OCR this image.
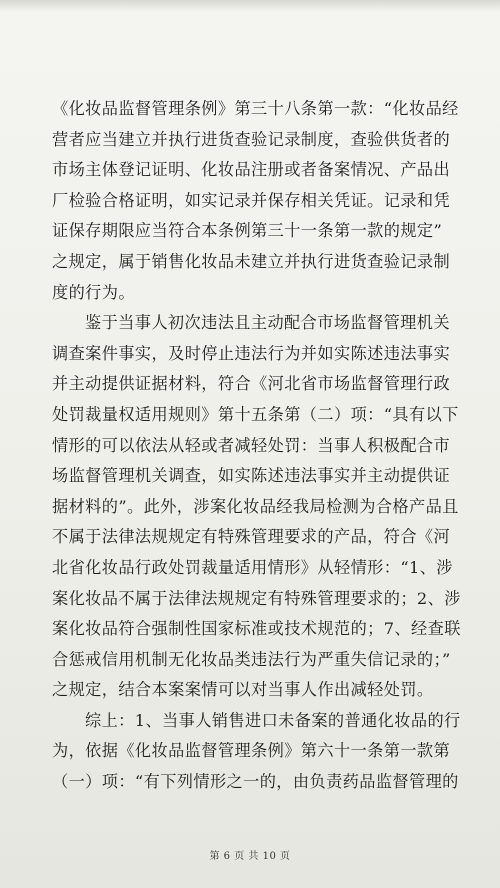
《化妆品监督管理条例》第三十八条第一款：“化妆品经
营者应当建立并执行进货查验记录制度，查验供货者的
市场主体登记证明、化妆品注册或者备案情况、产品出
厂检验合格证明，如实记录并保存相关凭证。记录和凭
证保存期限应当符合本条例第三十一条第一款的规定”
之规定，属于销售化妆品未建立并执行进货查验记录制
度的行为。
鉴于当事人初次违法且主动配合市场监督管理机关
调查案件事实，及时停止违法行为并如实陈述违法事实
并主动提供证据材料，符合《河北省市场监督管理行政
处罚裁量权适用规则》第十五条第（二）项：“具有以下
情形的可以依法从轻或者减轻处罚：当事人积极配合市
场监督管理机关调查，如实陈述违法事实并主动提供证
据材料的”。此外，涉案化妆品经我局检测为合格产品且
不属于法律法规规定有特殊管理要求的产品，符合《河
北省化妆品行政处罚裁量适用情形》从轻情形：“1、涉
案化妆品不属于法律法规规定有特殊管理要求的；2、涉
案化妆品符合强制性国家标准或技术规范的；7、经查联
合惩戒信用机制无化妆品类违法行为严重失信记录的；”
之规定，结合本案案情可以对当事人作出减轻处罚。
综上：1、当事人销售进口未备案的普通化妆品的行
为，依据《化妆品监督管理条例》第六十一条第一款第
（一）项：“有下列情形之一的，由负责药品监督管理的
第 6 页 共 10 页
